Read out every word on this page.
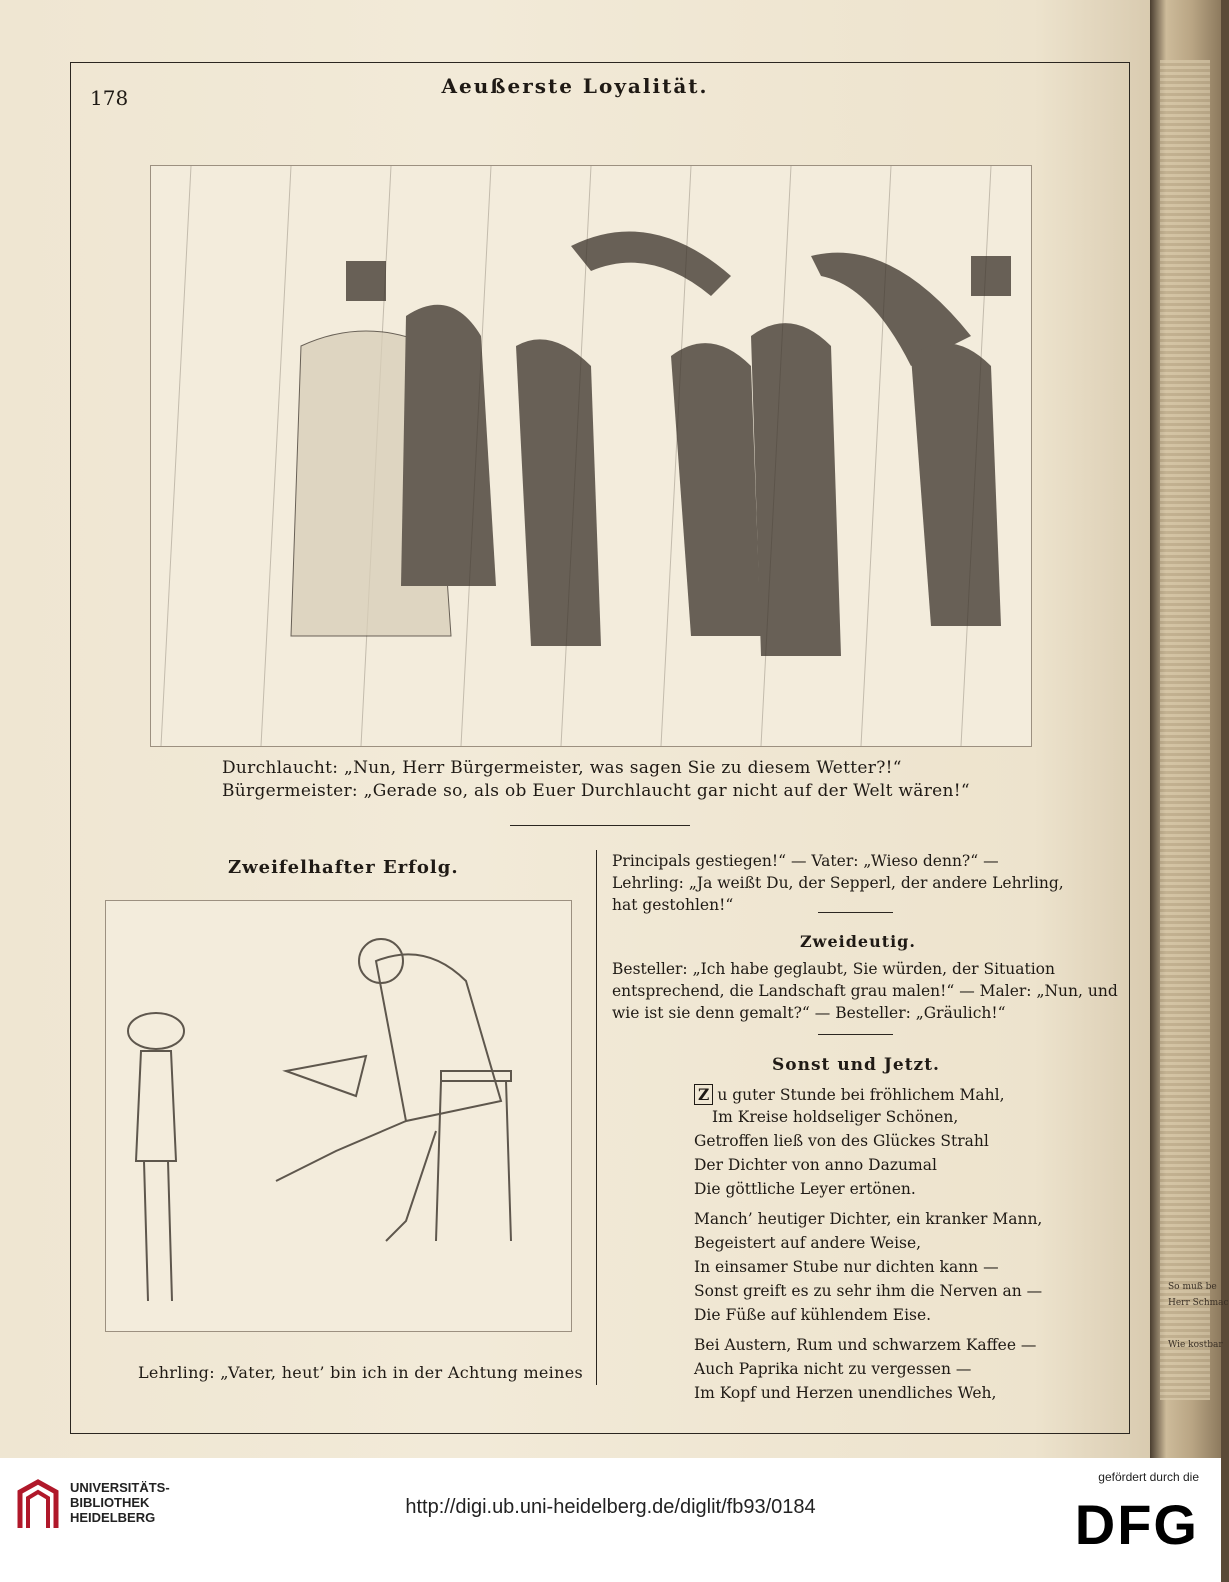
So muß be
Herr Schmac
Wie kostbar
178	Aeußerste Loyalität.
Durchlaucht: „Nun, Herr Bürgermeister, was sagen Sie zu diesem Wetter?!“
Bürgermeister: „Gerade so, als ob Euer Durchlaucht gar nicht auf der Welt wären!“
Zweifelhafter Erfolg.
Lehrling: „Vater, heut’ bin ich in der Achtung meines
Principals gestiegen!“ — Vater: „Wieso denn?“ —
Lehrling: „Ja weißt Du, der Sepperl, der andere Lehrling,
hat gestohlen!“
Zweideutig.
Besteller: „Ich habe geglaubt, Sie würden, der Situation
entsprechend, die Landschaft grau malen!“ — Maler: „Nun, und
wie ist sie denn gemalt?“ — Besteller: „Gräulich!“
Sonst und Jetzt.
Z u guter Stunde bei fröhlichem Mahl,
Im Kreise holdseliger Schönen,
Getroffen ließ von des Glückes Strahl
Der Dichter von anno Dazumal
Die göttliche Leyer ertönen.
Manch’ heutiger Dichter, ein kranker Mann,
Begeistert auf andere Weise,
In einsamer Stube nur dichten kann —
Sonst greift es zu sehr ihm die Nerven an —
Die Füße auf kühlendem Eise.
Bei Austern, Rum und schwarzem Kaffee —
Auch Paprika nicht zu vergessen —
Im Kopf und Herzen unendliches Weh,
UNIVERSITÄTS-
BIBLIOTHEK
HEIDELBERG	http://digi.ub.uni-heidelberg.de/diglit/fb93/0184
gefördert durch die
DFG
